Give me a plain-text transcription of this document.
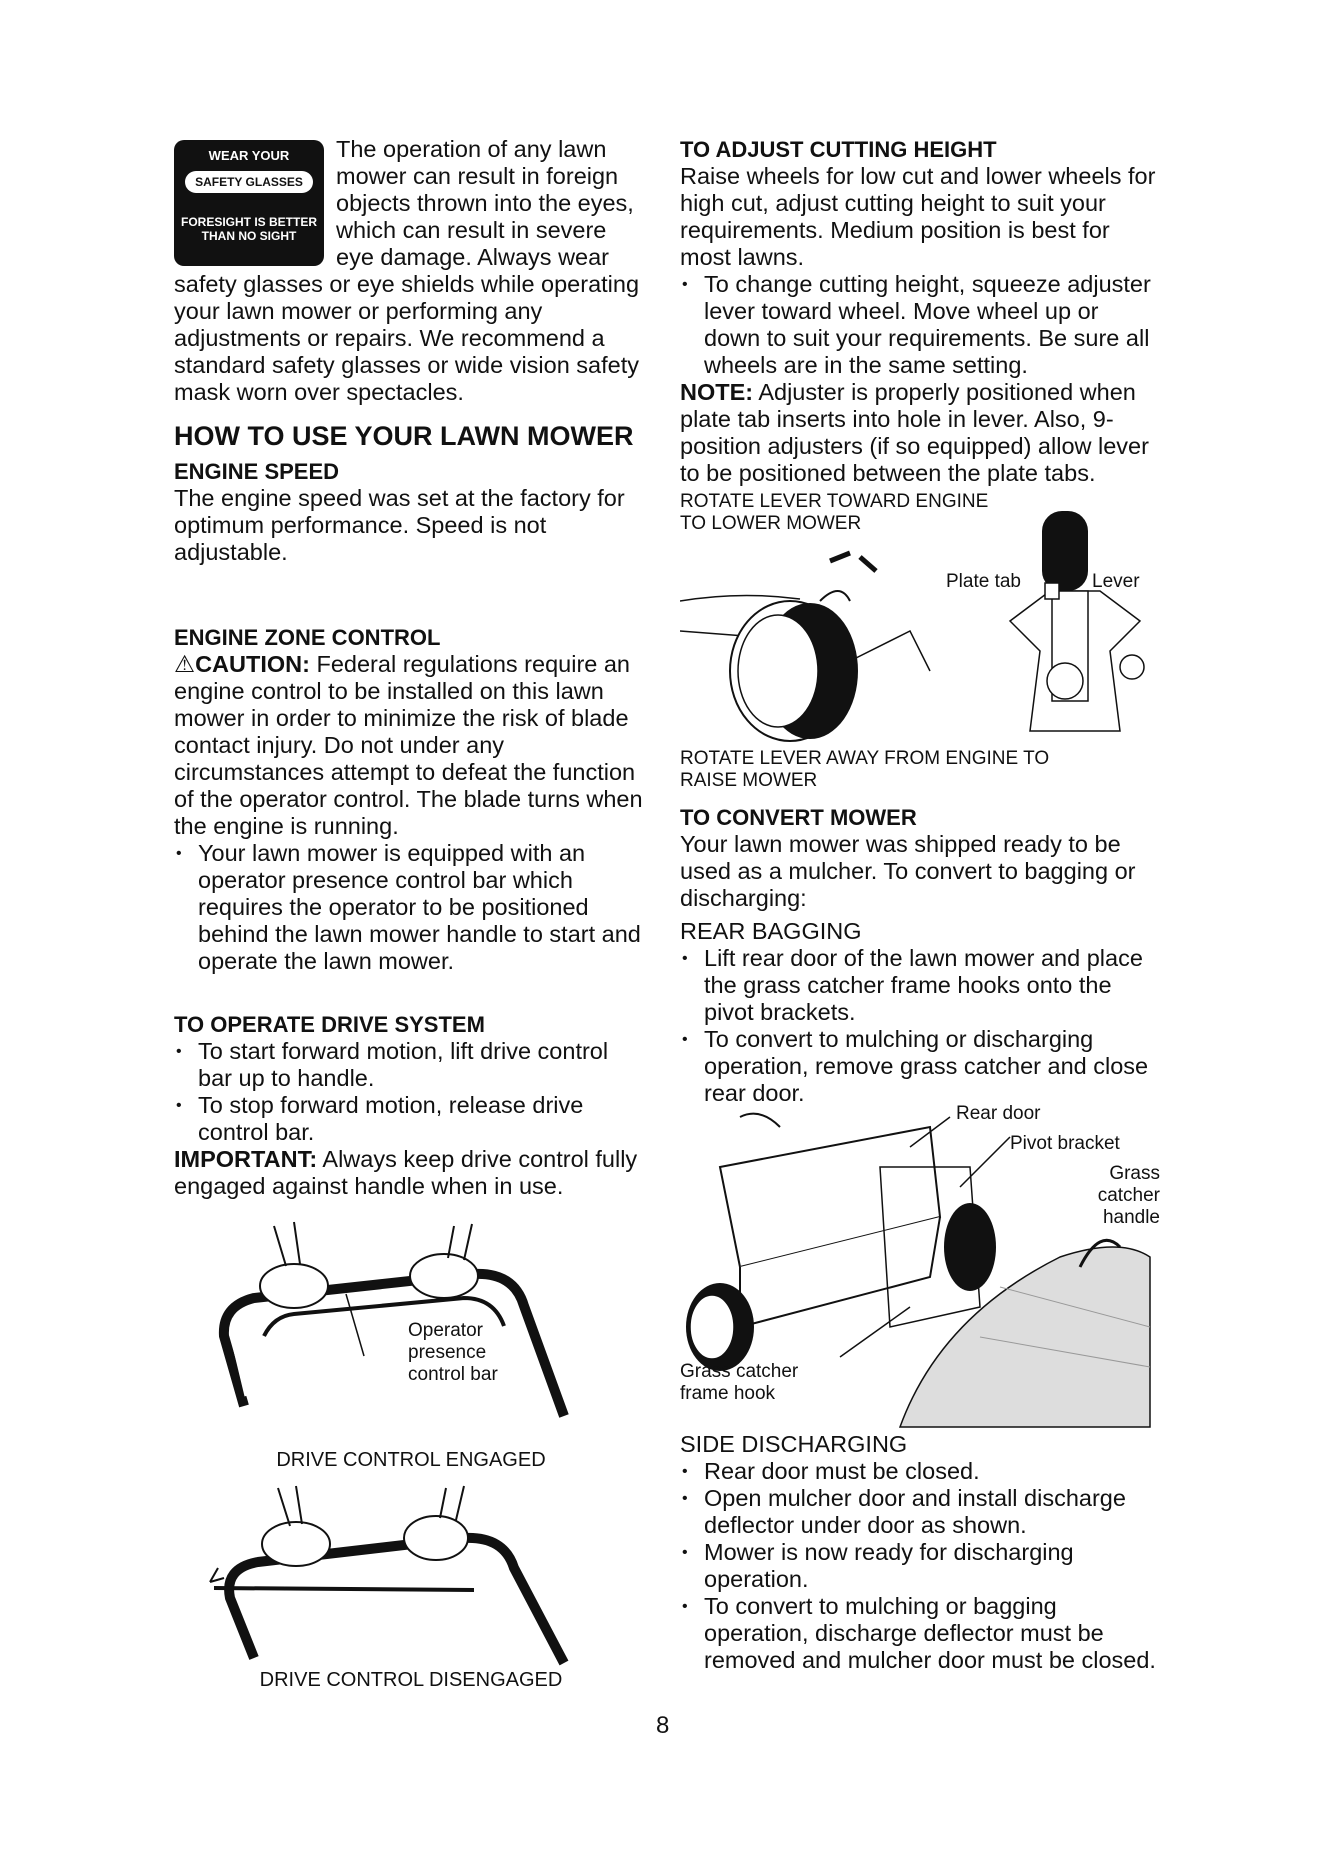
WEAR YOUR
SAFETY GLASSES
FORESIGHT IS BETTER THAN NO SIGHT

The operation of any lawn mower can result in foreign objects thrown into the eyes, which can result in severe eye damage. Always wear safety glasses or eye shields while operating your lawn mower or performing any adjustments or repairs. We recommend a standard safety glasses or wide vision safety mask worn over spectacles.

HOW TO USE YOUR LAWN MOWER
ENGINE SPEED

The engine speed was set at the factory for optimum performance. Speed is not adjustable.

ENGINE ZONE CONTROL

⚠CAUTION: Federal regulations require an engine control to be installed on this lawn mower in order to minimize the risk of blade contact injury. Do not under any circumstances attempt to defeat the function of the operator control. The blade turns when the engine is running.

• Your lawn mower is equipped with an operator presence control bar which requires the operator to be positioned behind the lawn mower handle to start and operate the lawn mower.
TO OPERATE DRIVE SYSTEM
• To start forward motion, lift drive control bar up to handle.
• To stop forward motion, release drive control bar.

IMPORTANT: Always keep drive control fully engaged against handle when in use.

Operator presence control bar
DRIVE CONTROL ENGAGED
DRIVE CONTROL DISENGAGED
TO ADJUST CUTTING HEIGHT

Raise wheels for low cut and lower wheels for high cut, adjust cutting height to suit your requirements. Medium position is best for most lawns.

• To change cutting height, squeeze adjuster lever toward wheel. Move wheel up or down to suit your requirements. Be sure all wheels are in the same setting.

NOTE: Adjuster is properly positioned when plate tab inserts into hole in lever. Also, 9-position adjusters (if so equipped) allow lever to be positioned between the plate tabs.

ROTATE LEVER TOWARD ENGINE TO LOWER MOWER
Plate tab	Lever
ROTATE LEVER AWAY FROM ENGINE TO RAISE MOWER
TO CONVERT MOWER

Your lawn mower was shipped ready to be used as a mulcher. To convert to bagging or discharging:

REAR BAGGING
• Lift rear door of the lawn mower and place the grass catcher frame hooks onto the pivot brackets.
• To convert to mulching or discharging operation, remove grass catcher and close rear door.
Rear door
Pivot bracket
Grass catcher handle
Grass catcher frame hook
SIDE DISCHARGING
• Rear door must be closed.
• Open mulcher door and install discharge deflector under door as shown.
• Mower is now ready for discharging operation.
• To convert to mulching or bagging operation, discharge deflector must be removed and mulcher door must be closed.
8
